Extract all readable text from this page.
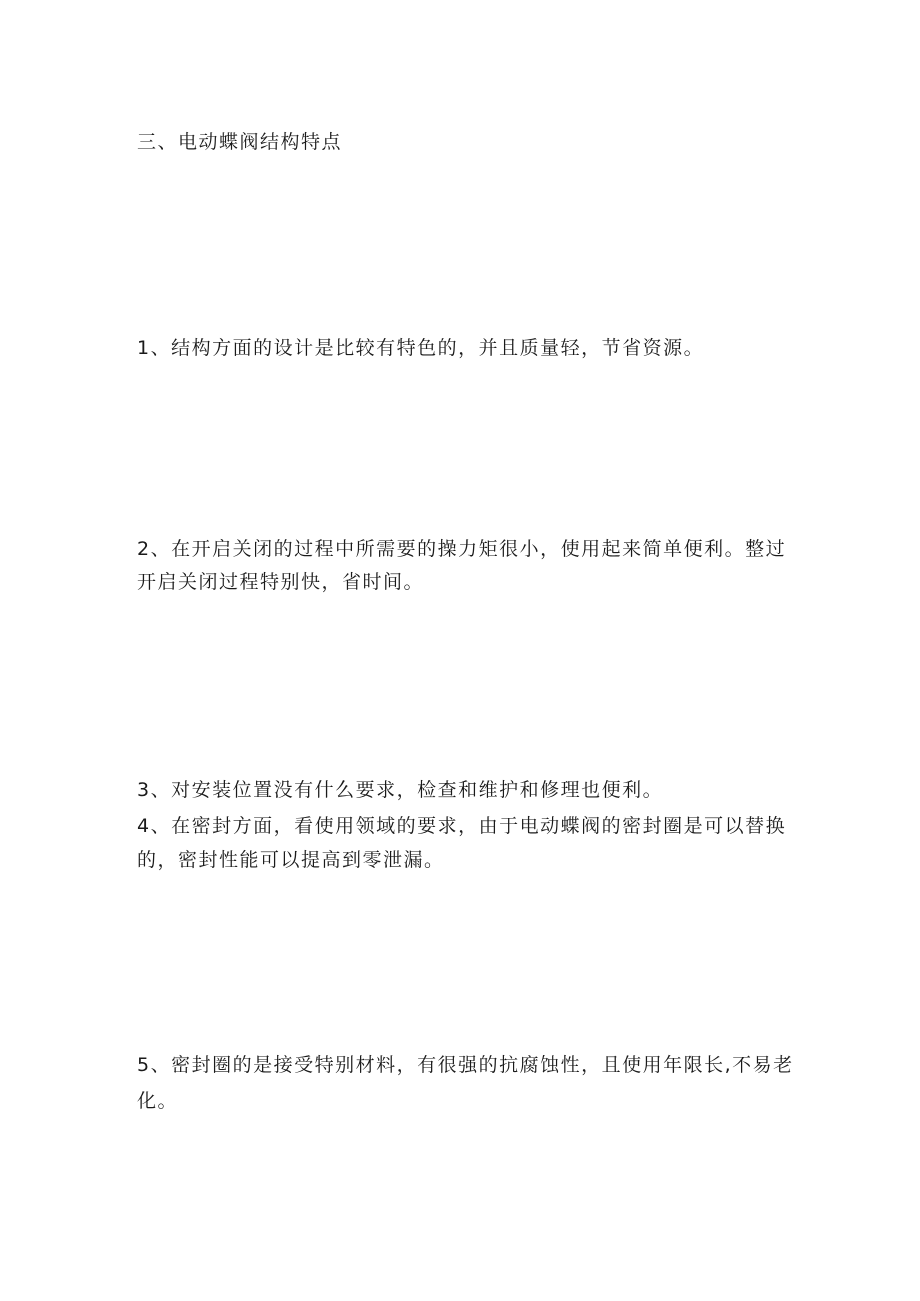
三、电动蝶阀结构特点
1、结构方面的设计是比较有特色的，并且质量轻，节省资源。
2、在开启关闭的过程中所需要的操力矩很小，使用起来简单便利。整过
开启关闭过程特别快，省时间。
3、对安装位置没有什么要求，检查和维护和修理也便利。
4、在密封方面，看使用领域的要求，由于电动蝶阀的密封圈是可以替换
的，密封性能可以提高到零泄漏。
5、密封圈的是接受特别材料，有很强的抗腐蚀性，且使用年限长,不易老
化。
